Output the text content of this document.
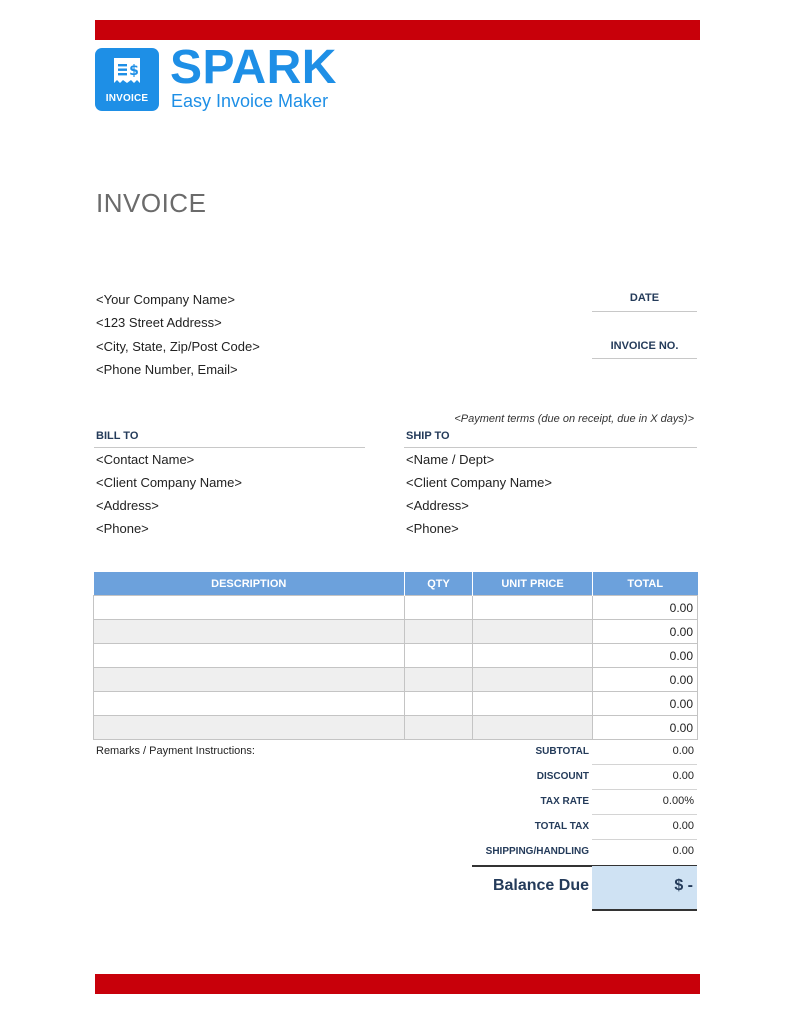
$
INVOICE
SPARK
Easy Invoice Maker
INVOICE
<Your Company Name>
<123 Street Address>
<City, State, Zip/Post Code>
<Phone Number, Email>
DATE
INVOICE NO.
<Payment terms (due on receipt, due in X days)>
BILL TO
<Contact Name>
<Client Company Name>
<Address>
<Phone>
SHIP TO
<Name / Dept>
<Client Company Name>
<Address>
<Phone>
DESCRIPTION	QTY	UNIT PRICE	TOTAL
			0.00
			0.00
			0.00
			0.00
			0.00
			0.00
Remarks / Payment Instructions:	SUBTOTAL	0.00
DISCOUNT	0.00
TAX RATE	0.00%
TOTAL TAX	0.00
SHIPPING/HANDLING	0.00
Balance Due	$ -
